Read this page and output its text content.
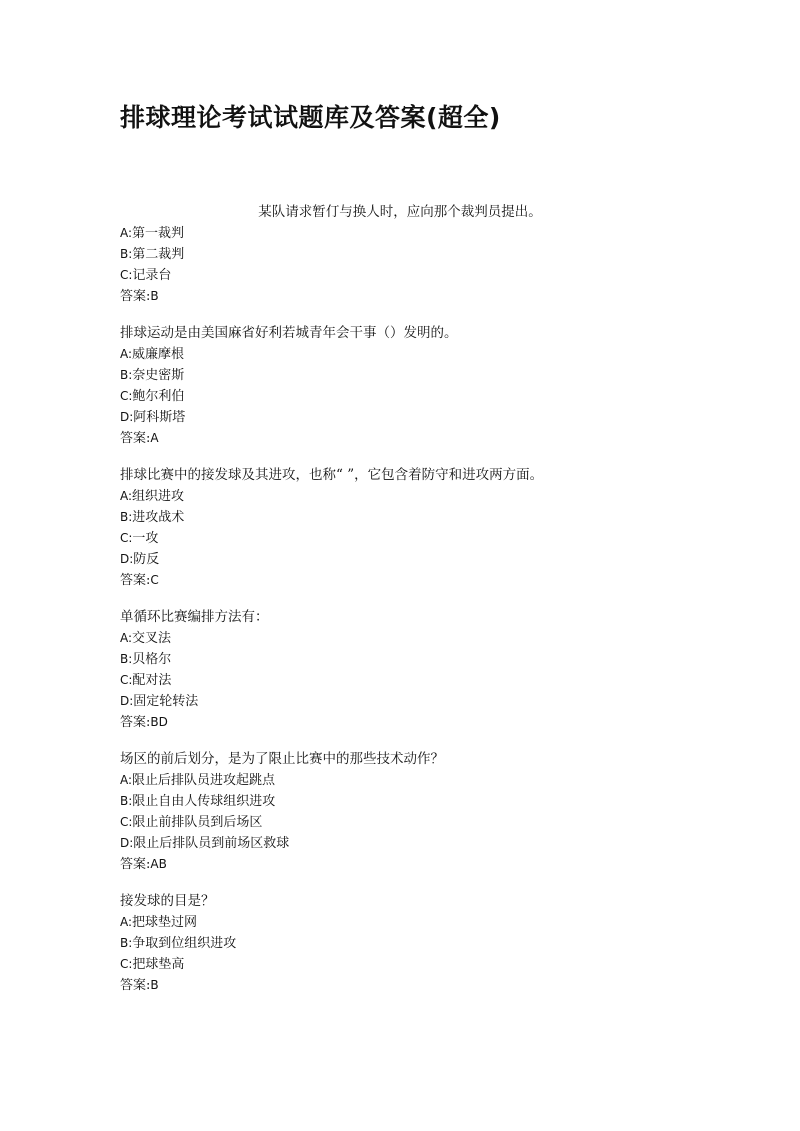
排球理论考试试题库及答案(超全)
某队请求暂仃与换人时，应向那个裁判员提出。
A:第一裁判
B:第二裁判
C:记录台
答案:B
排球运动是由美国麻省好利若城青年会干事（）发明的。
A:威廉摩根
B:奈史密斯
C:鲍尔利伯
D:阿科斯塔
答案:A
排球比赛中的接发球及其进攻，也称“ ”，它包含着防守和进攻两方面。
A:组织进攻
B:进攻战术
C:一攻
D:防反
答案:C
单循环比赛编排方法有：
A:交叉法
B:贝格尔
C:配对法
D:固定轮转法
答案:BD
场区的前后划分，是为了限止比赛中的那些技术动作？
A:限止后排队员进攻起跳点
B:限止自由人传球组织进攻
C:限止前排队员到后场区
D:限止后排队员到前场区救球
答案:AB
接发球的目是？
A:把球垫过网
B:争取到位组织进攻
C:把球垫高
答案:B
